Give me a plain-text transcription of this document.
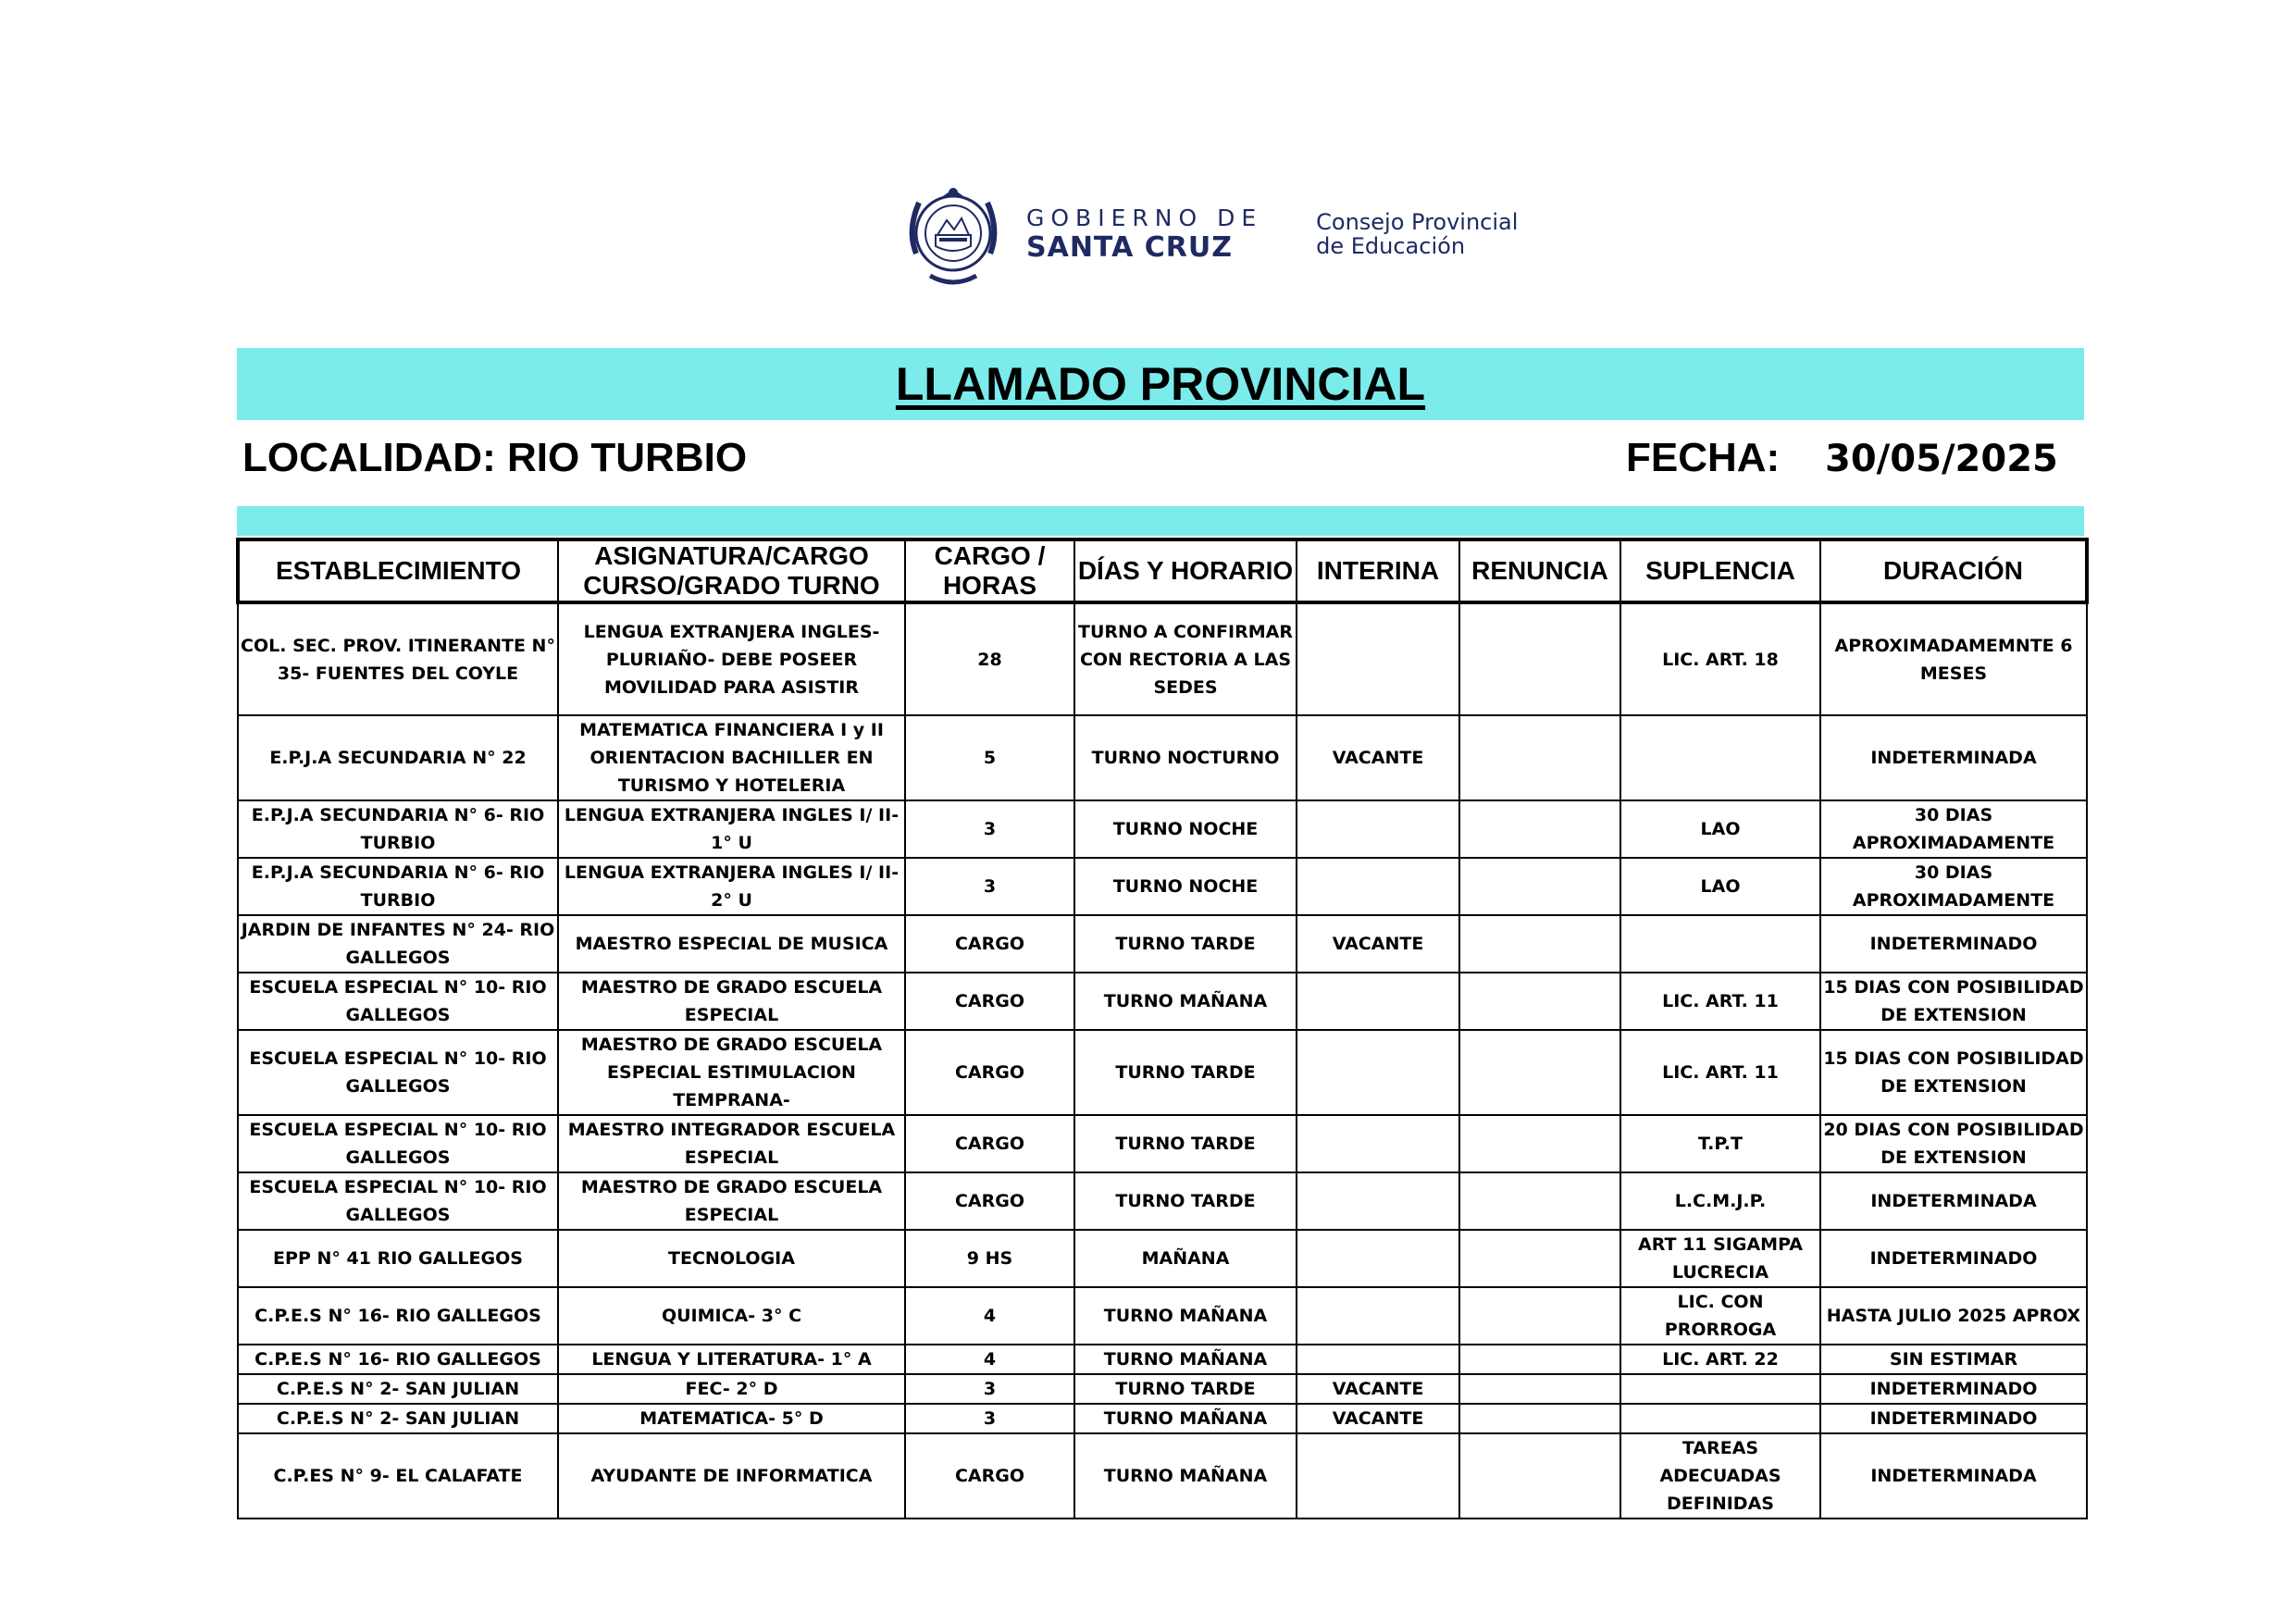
GOBIERNO DE
SANTA CRUZ
Consejo Provincial
de Educación
LLAMADO PROVINCIAL
LOCALIDAD: RIO TURBIO	FECHA: 30/05/2025
ESTABLECIMIENTO	ASIGNATURA/CARGO CURSO/GRADO TURNO	CARGO / HORAS	DÍAS Y HORARIO	INTERINA	RENUNCIA	SUPLENCIA	DURACIÓN
COL. SEC. PROV. ITINERANTE N° 35- FUENTES DEL COYLE	LENGUA EXTRANJERA INGLES- PLURIAÑO- DEBE POSEER MOVILIDAD PARA ASISTIR	28	TURNO A CONFIRMAR CON RECTORIA A LAS SEDES			LIC. ART. 18	APROXIMADAMEMNTE 6 MESES
E.P.J.A SECUNDARIA N° 22	MATEMATICA FINANCIERA I y II ORIENTACION BACHILLER EN TURISMO Y HOTELERIA	5	TURNO NOCTURNO	VACANTE			INDETERMINADA
E.P.J.A SECUNDARIA N° 6- RIO TURBIO	LENGUA EXTRANJERA INGLES I/ II- 1° U	3	TURNO NOCHE			LAO	30 DIAS APROXIMADAMENTE
E.P.J.A SECUNDARIA N° 6- RIO TURBIO	LENGUA EXTRANJERA INGLES I/ II- 2° U	3	TURNO NOCHE			LAO	30 DIAS APROXIMADAMENTE
JARDIN DE INFANTES N° 24- RIO GALLEGOS	MAESTRO ESPECIAL DE MUSICA	CARGO	TURNO TARDE	VACANTE			INDETERMINADO
ESCUELA ESPECIAL N° 10- RIO GALLEGOS	MAESTRO DE GRADO ESCUELA ESPECIAL	CARGO	TURNO MAÑANA			LIC. ART. 11	15 DIAS CON POSIBILIDAD DE EXTENSION
ESCUELA ESPECIAL N° 10- RIO GALLEGOS	MAESTRO DE GRADO ESCUELA ESPECIAL ESTIMULACION TEMPRANA-	CARGO	TURNO TARDE			LIC. ART. 11	15 DIAS CON POSIBILIDAD DE EXTENSION
ESCUELA ESPECIAL N° 10- RIO GALLEGOS	MAESTRO INTEGRADOR ESCUELA ESPECIAL	CARGO	TURNO TARDE			T.P.T	20 DIAS CON POSIBILIDAD DE EXTENSION
ESCUELA ESPECIAL N° 10- RIO GALLEGOS	MAESTRO DE GRADO ESCUELA ESPECIAL	CARGO	TURNO TARDE			L.C.M.J.P.	INDETERMINADA
EPP N° 41 RIO GALLEGOS	TECNOLOGIA	9 HS	MAÑANA			ART 11 SIGAMPA LUCRECIA	INDETERMINADO
C.P.E.S N° 16- RIO GALLEGOS	QUIMICA- 3° C	4	TURNO MAÑANA			LIC. CON PRORROGA	HASTA JULIO 2025 APROX
C.P.E.S N° 16- RIO GALLEGOS	LENGUA Y LITERATURA- 1° A	4	TURNO MAÑANA			LIC. ART. 22	SIN ESTIMAR
C.P.E.S N° 2- SAN JULIAN	FEC- 2° D	3	TURNO TARDE	VACANTE			INDETERMINADO
C.P.E.S N° 2- SAN JULIAN	MATEMATICA- 5° D	3	TURNO MAÑANA	VACANTE			INDETERMINADO
C.P.ES N° 9- EL CALAFATE	AYUDANTE DE INFORMATICA	CARGO	TURNO MAÑANA			TAREAS ADECUADAS DEFINIDAS	INDETERMINADA
